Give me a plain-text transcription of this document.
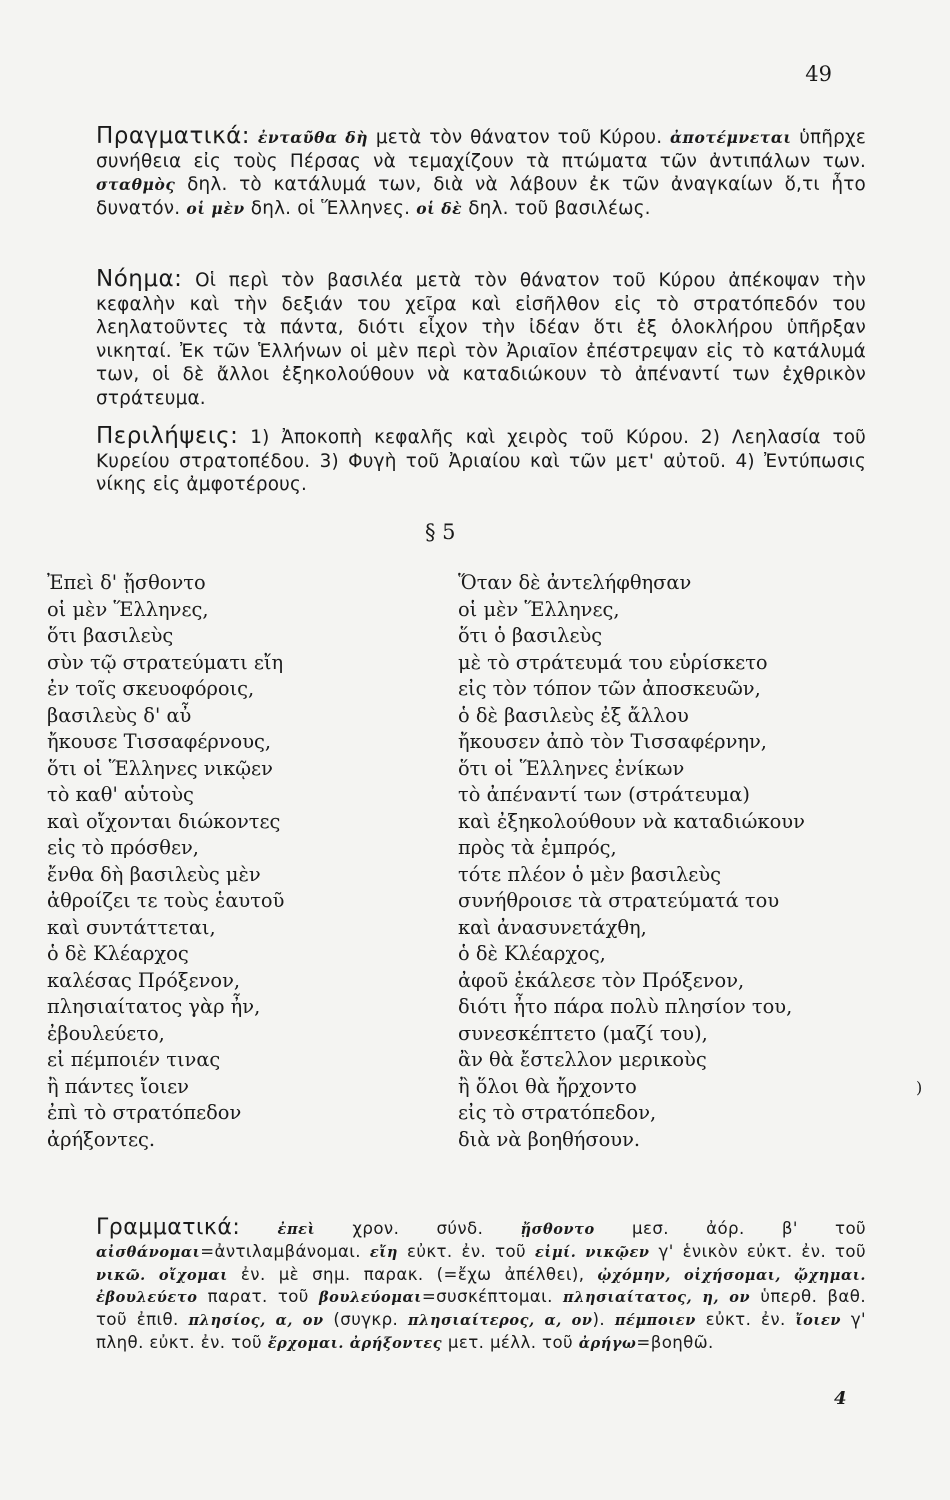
49

Πραγματικά: ἐνταῦθα δὴ μετὰ τὸν θάνατον τοῦ Κύρου. ἀποτέμνεται ὑπῆρχε συνήθεια εἰς τοὺς Πέρσας νὰ τεμαχίζουν τὰ πτώματα τῶν ἀντιπάλων των. σταθμὸς δηλ. τὸ κατάλυμά των, διὰ νὰ λάβουν ἐκ τῶν ἀναγκαίων ὅ,τι ἦτο δυνατόν. οἱ μὲν δηλ. οἱ Ἕλληνες. οἱ δὲ δηλ. τοῦ βασιλέως.

Νόημα: Οἱ περὶ τὸν βασιλέα μετὰ τὸν θάνατον τοῦ Κύρου ἀπέκοψαν τὴν κεφαλὴν καὶ τὴν δεξιάν του χεῖρα καὶ εἰσῆλθον εἰς τὸ στρατόπεδόν του λεηλατοῦντες τὰ πάντα, διότι εἶχον τὴν ἰδέαν ὅτι ἐξ ὁλοκλήρου ὑπῆρξαν νικηταί. Ἐκ τῶν Ἑλλήνων οἱ μὲν περὶ τὸν Ἀριαῖον ἐπέστρεψαν εἰς τὸ κατάλυμά των, οἱ δὲ ἄλλοι ἐξηκολούθουν νὰ καταδιώκουν τὸ ἀπέναντί των ἐχθρικὸν στράτευμα.

Περιλήψεις: 1) Ἀποκοπὴ κεφαλῆς καὶ χειρὸς τοῦ Κύρου. 2) Λεηλασία τοῦ Κυρείου στρατοπέδου. 3) Φυγὴ τοῦ Ἀριαίου καὶ τῶν μετ' αὐτοῦ. 4) Ἐντύπωσις νίκης εἰς ἀμφοτέρους.

§ 5
Ἐπεὶ δ' ᾔσθοντο
οἱ μὲν Ἕλληνες,
ὅτι βασιλεὺς
σὺν τῷ στρατεύματι εἴη
ἐν τοῖς σκευοφόροις,
βασιλεὺς δ' αὖ
ἤκουσε Τισσαφέρνους,
ὅτι οἱ Ἕλληνες νικῷεν
τὸ καθ' αὑτοὺς
καὶ οἴχονται διώκοντες
εἰς τὸ πρόσθεν,
ἔνθα δὴ βασιλεὺς μὲν
ἀθροίζει τε τοὺς ἑαυτοῦ
καὶ συντάττεται,
ὁ δὲ Κλέαρχος
καλέσας Πρόξενον,
πλησιαίτατος γὰρ ἦν,
ἐβουλεύετο,
εἰ πέμποιέν τινας
ἢ πάντες ἴοιεν
ἐπὶ τὸ στρατόπεδον
ἀρήξοντες.
Ὅταν δὲ ἀντελήφθησαν
οἱ μὲν Ἕλληνες,
ὅτι ὁ βασιλεὺς
μὲ τὸ στράτευμά του εὑρίσκετο
εἰς τὸν τόπον τῶν ἀποσκευῶν,
ὁ δὲ βασιλεὺς ἐξ ἄλλου
ἤκουσεν ἀπὸ τὸν Τισσαφέρνην,
ὅτι οἱ Ἕλληνες ἐνίκων
τὸ ἀπέναντί των (στράτευμα)
καὶ ἐξηκολούθουν νὰ καταδιώκουν
πρὸς τὰ ἐμπρός,
τότε πλέον ὁ μὲν βασιλεὺς
συνήθροισε τὰ στρατεύματά του
καὶ ἀνασυνετάχθη,
ὁ δὲ Κλέαρχος,
ἀφοῦ ἐκάλεσε τὸν Πρόξενον,
διότι ἦτο πάρα πολὺ πλησίον του,
συνεσκέπτετο (μαζί του),
ἂν θὰ ἔστελλον μερικοὺς
ἢ ὅλοι θὰ ἤρχοντο
εἰς τὸ στρατόπεδον,
διὰ νὰ βοηθήσουν.
)

Γραμματικά:	ἐπεὶ χρον. σύνδ. ᾔσθοντο μεσ. ἀόρ. β' τοῦ αἰσθάνομαι=ἀντιλαμβάνομαι. εἴη εὐκτ. ἐν. τοῦ εἰμί. νικῷεν γ' ἑνικὸν εὐκτ. ἐν. τοῦ νικῶ. οἴχομαι ἐν. μὲ σημ. παρακ. (=ἔχω ἀπέλθει), ᾠχόμην, οἰχήσομαι, ᾤχημαι. ἐβουλεύετο παρατ. τοῦ βουλεύομαι=συσκέπτομαι. πλησιαίτατος, η, ον ὑπερθ. βαθ. τοῦ ἐπιθ. πλησίος, α, ον (συγκρ. πλησιαίτερος, α, ον). πέμποιεν εὐκτ. ἐν. ἴοιεν γ' πληθ. εὐκτ. ἐν. τοῦ ἔρχομαι. ἀρήξοντες μετ. μέλλ. τοῦ ἀρήγω=βοηθῶ.

4
